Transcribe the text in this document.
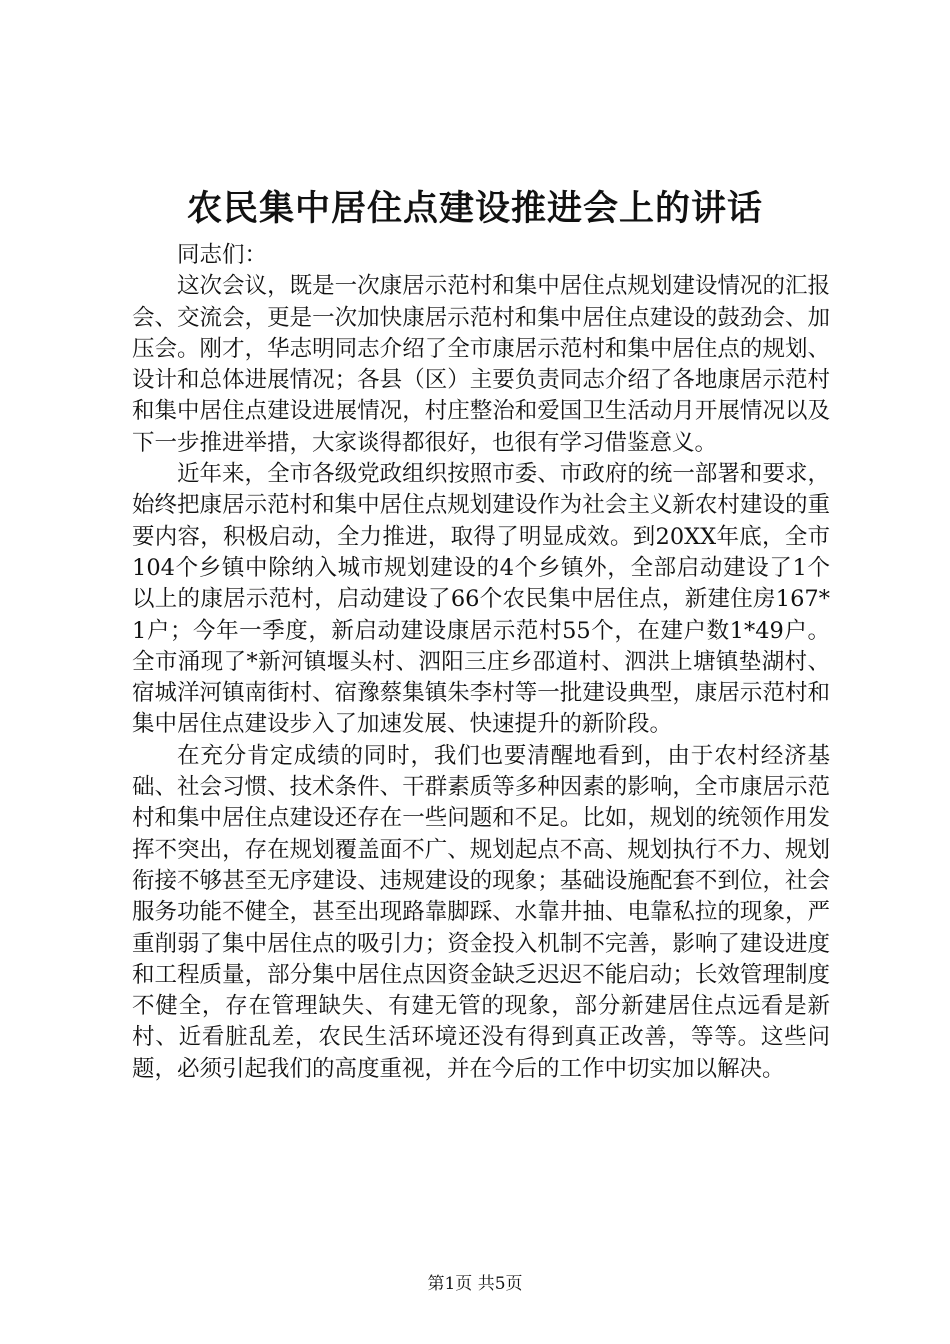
农民集中居住点建设推进会上的讲话

同志们：

这次会议，既是一次康居示范村和集中居住点规划建设情况的汇报会、交流会，更是一次加快康居示范村和集中居住点建设的鼓劲会、加压会。刚才，华志明同志介绍了全市康居示范村和集中居住点的规划、设计和总体进展情况；各县（区）主要负责同志介绍了各地康居示范村和集中居住点建设进展情况，村庄整治和爱国卫生活动月开展情况以及下一步推进举措，大家谈得都很好，也很有学习借鉴意义。

近年来，全市各级党政组织按照市委、市政府的统一部署和要求，始终把康居示范村和集中居住点规划建设作为社会主义新农村建设的重要内容，积极启动，全力推进，取得了明显成效。到20XX年底，全市104个乡镇中除纳入城市规划建设的4个乡镇外，全部启动建设了1个以上的康居示范村，启动建设了66个农民集中居住点，新建住房167*1户；今年一季度，新启动建设康居示范村55个，在建户数1*49户。全市涌现了*新河镇堰头村、泗阳三庄乡邵道村、泗洪上塘镇垫湖村、宿城洋河镇南街村、宿豫蔡集镇朱李村等一批建设典型，康居示范村和集中居住点建设步入了加速发展、快速提升的新阶段。

在充分肯定成绩的同时，我们也要清醒地看到，由于农村经济基础、社会习惯、技术条件、干群素质等多种因素的影响，全市康居示范村和集中居住点建设还存在一些问题和不足。比如，规划的统领作用发挥不突出，存在规划覆盖面不广、规划起点不高、规划执行不力、规划衔接不够甚至无序建设、违规建设的现象；基础设施配套不到位，社会服务功能不健全，甚至出现路靠脚踩、水靠井抽、电靠私拉的现象，严重削弱了集中居住点的吸引力；资金投入机制不完善，影响了建设进度和工程质量，部分集中居住点因资金缺乏迟迟不能启动；长效管理制度不健全，存在管理缺失、有建无管的现象，部分新建居住点远看是新村、近看脏乱差，农民生活环境还没有得到真正改善，等等。这些问题，必须引起我们的高度重视，并在今后的工作中切实加以解决。

第1页 共5页
